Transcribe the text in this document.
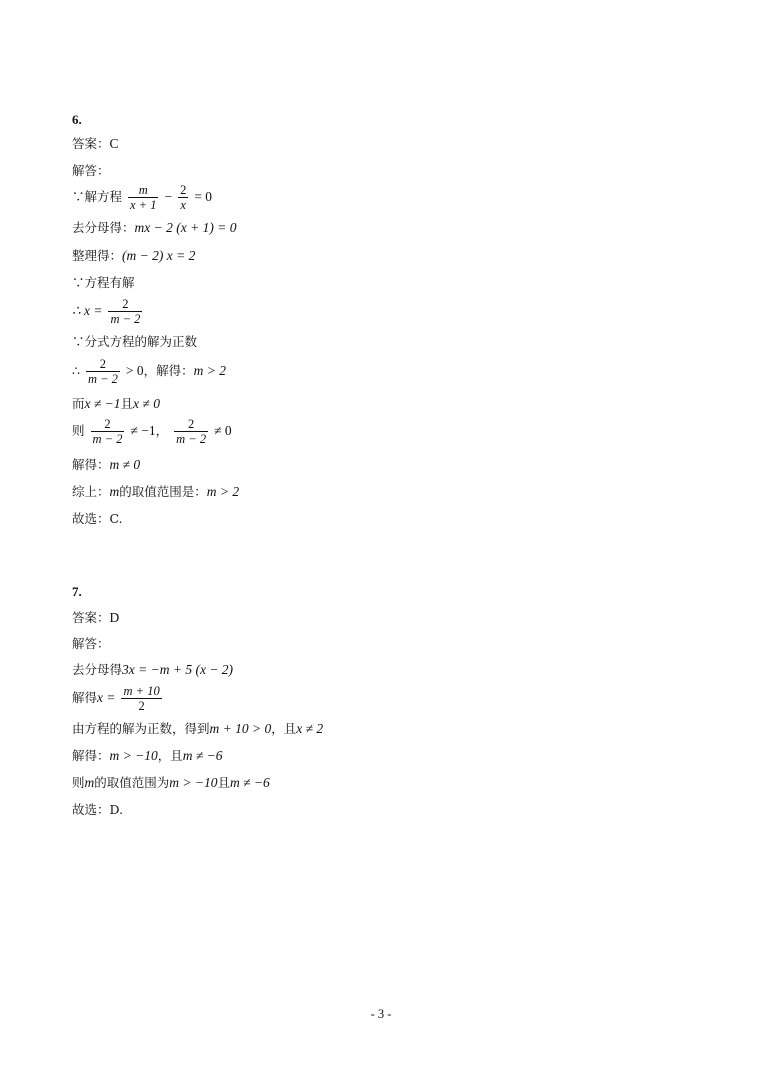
6.
答案：C
解答：
∵解方程 $\frac{m}{x + 1} - \frac{2}{x} = 0$
去分母得：mx − 2 (x + 1) = 0
整理得：(m − 2) x = 2
∵方程有解
∴ $x = \frac{2}{m - 2}$
∵分式方程的解为正数
∴ $\frac{2}{m - 2} > 0$，解得：m > 2
而x ≠ −1且x ≠ 0
则 $\frac{2}{m - 2} \ne -1$， $\frac{2}{m - 2} \ne 0$
解得：m ≠ 0
综上：m的取值范围是：m > 2
故选：C.
7.
答案：D
解答：
去分母得3x = −m + 5 (x − 2)
解得$x = \frac{m + 10}{2}$
由方程的解为正数，得到m + 10 > 0，且x ≠ 2
解得：m > −10，且m ≠ −6
则m的取值范围为m > −10且m ≠ −6
故选：D.
- 3 -
